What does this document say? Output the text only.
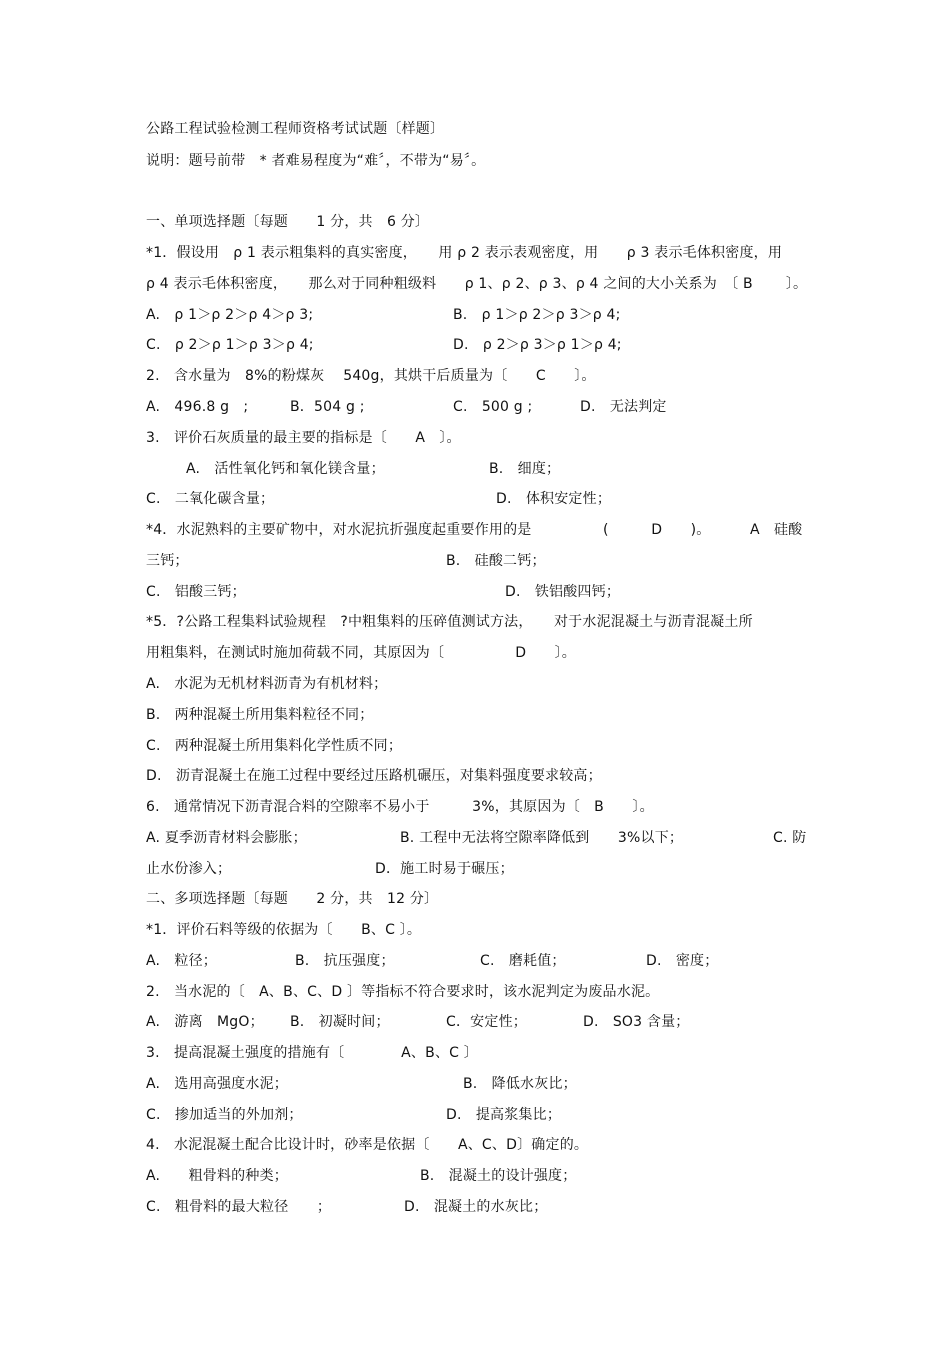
公路工程试验检测工程师资格考试试题〔样题〕
说明：题号前带　* 者难易程度为“难〞，不带为“易〞。
一、单项选择题〔每题　　1 分，共　6 分〕
*1．假设用　ρ 1 表示粗集料的真实密度，　　用 ρ 2 表示表观密度，用　　ρ 3 表示毛体积密度，用
ρ 4 表示毛体积密度，　　那么对于同种粗级料　　ρ 1、ρ 2、ρ 3、ρ 4 之间的大小关系为　〔 B 　　〕。
A.　ρ 1＞ρ 2＞ρ 4＞ρ 3;	B.　ρ 1＞ρ 2＞ρ 3＞ρ 4;
C.　ρ 2＞ρ 1＞ρ 3＞ρ 4;	D.　ρ 2＞ρ 3＞ρ 1＞ρ 4;
2.　含水量为　8%的粉煤灰　 540g，其烘干后质量为〔　　C　　〕。
A.　496.8 g　;	B．504 g ;	C.　500 g ;	D.　无法判定
3.　评价石灰质量的最主要的指标是〔　　A　〕。
A.　活性氧化钙和氧化镁含量；	B.　细度；
C.　二氧化碳含量；	D.　体积安定性；
*4．水泥熟料的主要矿物中，对水泥抗折强度起重要作用的是	(　　　D　　)。	A　硅酸
三钙；	B.　硅酸二钙；
C.　铝酸三钙；	D.　铁铝酸四钙；
*5．?公路工程集料试验规程　?中粗集料的压碎值测试方法，　　对于水泥混凝土与沥青混凝土所
用粗集料，在测试时施加荷载不同，其原因为〔　　　　　D　　〕。
A.　水泥为无机材料沥青为有机材料；
B.　两种混凝土所用集料粒径不同；
C.　两种混凝土所用集料化学性质不同；
D.　沥青混凝土在施工过程中要经过压路机碾压，对集料强度要求较高；
6.　通常情况下沥青混合料的空隙率不易小于　　　3%，其原因为〔　B　　〕。
A. 夏季沥青材料会膨胀；	B. 工程中无法将空隙率降低到　　3%以下；	C. 防
止水份渗入；	D．施工时易于碾压；
二、多项选择题〔每题　　2 分，共　12 分〕
*1．评价石料等级的依据为〔　　B、C 〕。
A.　粒径；	B.　抗压强度；	C.　磨耗值；	D.　密度；
2.　当水泥的〔　A、B、C、D 〕等指标不符合要求时，该水泥判定为废品水泥。
A.　游离　MgO； B.　初凝时间；	C．安定性；	D.　SO3 含量；
3.　提高混凝土强度的措施有〔　　　　A、B、C 〕
A.　选用高强度水泥；	B.　降低水灰比；
C.　掺加适当的外加剂；	D.　提高浆集比；
4.　水泥混凝土配合比设计时，砂率是依据〔　　A、C、D〕确定的。
A.　　粗骨料的种类；	B.　混凝土的设计强度；
C.　粗骨料的最大粒径　　；	D.　混凝土的水灰比；
